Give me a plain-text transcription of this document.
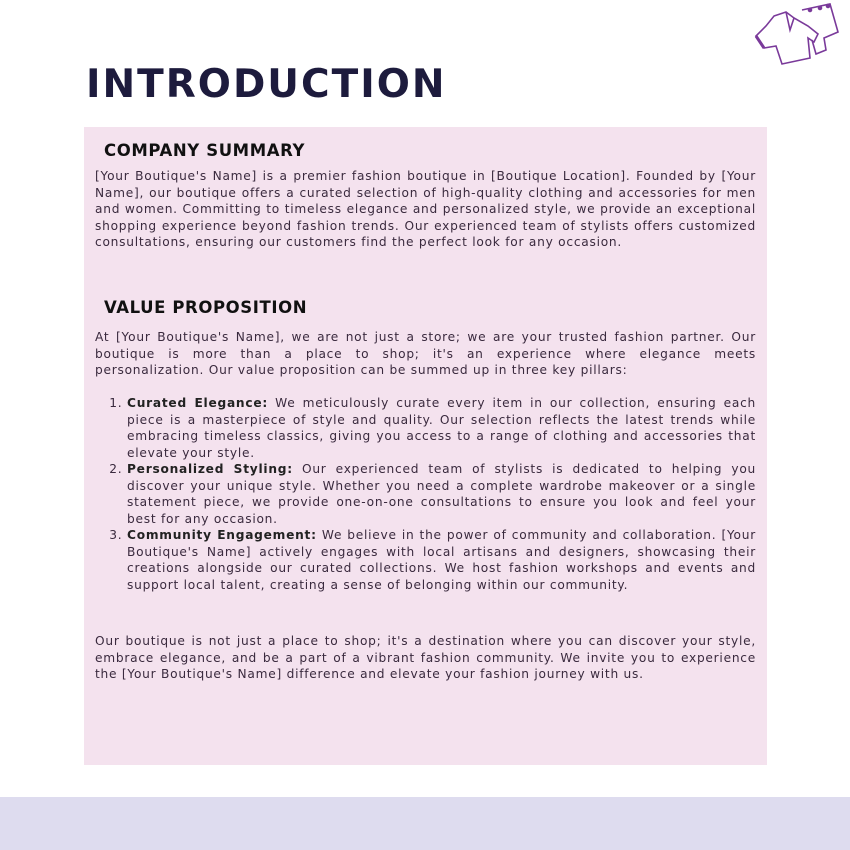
INTRODUCTION
COMPANY SUMMARY

[Your Boutique's Name] is a premier fashion boutique in [Boutique Location]. Founded by [Your Name], our boutique offers a curated selection of high-quality clothing and accessories for men and women. Committing to timeless elegance and personalized style, we provide an exceptional shopping experience beyond fashion trends. Our experienced team of stylists offers customized consultations, ensuring our customers find the perfect look for any occasion.

VALUE PROPOSITION

At [Your Boutique's Name], we are not just a store; we are your trusted fashion partner. Our boutique is more than a place to shop; it's an experience where elegance meets personalization. Our value proposition can be summed up in three key pillars:

1. Curated Elegance: We meticulously curate every item in our collection, ensuring each piece is a masterpiece of style and quality. Our selection reflects the latest trends while embracing timeless classics, giving you access to a range of clothing and accessories that elevate your style.
2. Personalized Styling: Our experienced team of stylists is dedicated to helping you discover your unique style. Whether you need a complete wardrobe makeover or a single statement piece, we provide one-on-one consultations to ensure you look and feel your best for any occasion.
3. Community Engagement: We believe in the power of community and collaboration. [Your Boutique's Name] actively engages with local artisans and designers, showcasing their creations alongside our curated collections. We host fashion workshops and events and support local talent, creating a sense of belonging within our community.

Our boutique is not just a place to shop; it's a destination where you can discover your style, embrace elegance, and be a part of a vibrant fashion community. We invite you to experience the [Your Boutique's Name] difference and elevate your fashion journey with us.
